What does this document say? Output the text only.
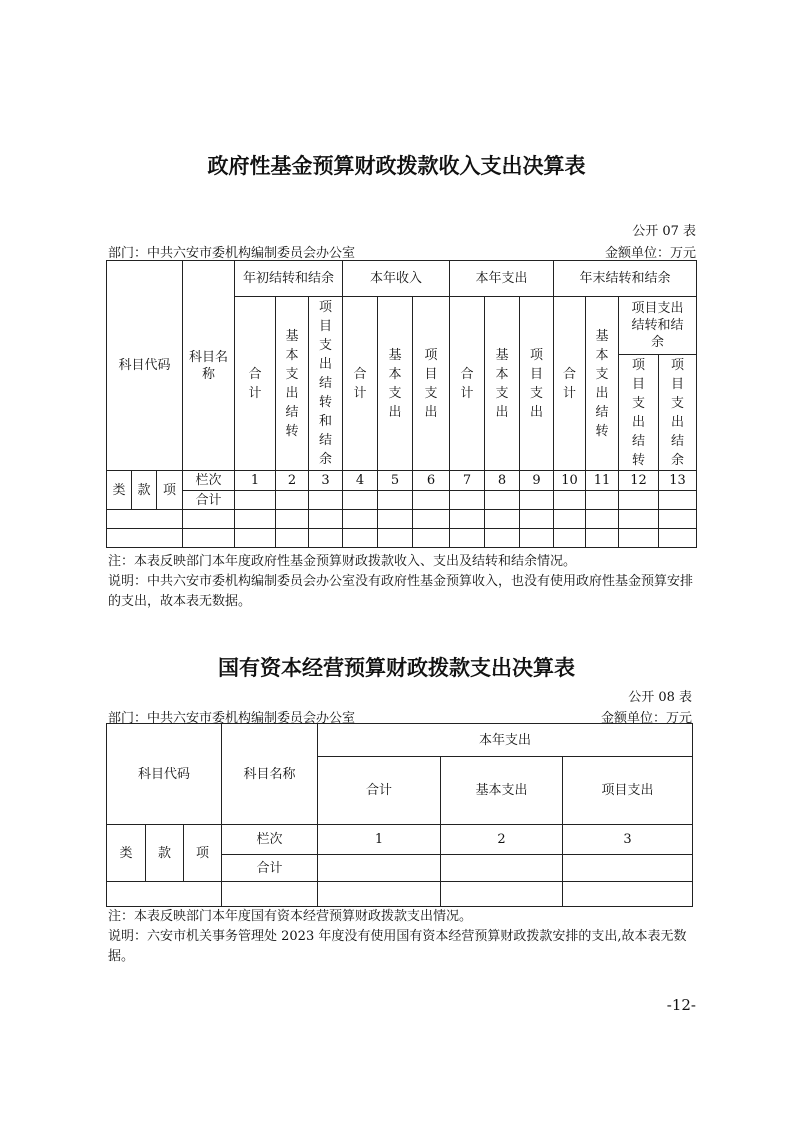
政府性基金预算财政拨款收入支出决算表
公开 07 表
部门：中共六安市委机构编制委员会办公室	金额单位：万元
科目代码			科目名称	年初结转和结余			本年收入			本年支出			年末结转和结余			
				合计	基本支出结转	项目支出结转和结余	合计	基本支出	项目支出	合计	基本支出	项目支出	合计	基本支出结转	项目支出结转和结余	
															项目支出结转	项目支出结余
类	款	项	栏次	1	2	3	4	5	6	7	8	9	10	11	12	13
			合计													

注：本表反映部门本年度政府性基金预算财政拨款收入、支出及结转和结余情况。
说明：中共六安市委机构编制委员会办公室没有政府性基金预算收入，也没有使用政府性基金预算安排的支出，故本表无数据。
国有资本经营预算财政拨款支出决算表
公开 08 表
部门：中共六安市委机构编制委员会办公室	金额单位：万元
科目代码			科目名称	本年支出		
				合计	基本支出	项目支出
类	款	项	栏次	1	2	3
			合计			

注：本表反映部门本年度国有资本经营预算财政拨款支出情况。
说明：六安市机关事务管理处 2023 年度没有使用国有资本经营预算财政拨款安排的支出,故本表无数据。
-12-
